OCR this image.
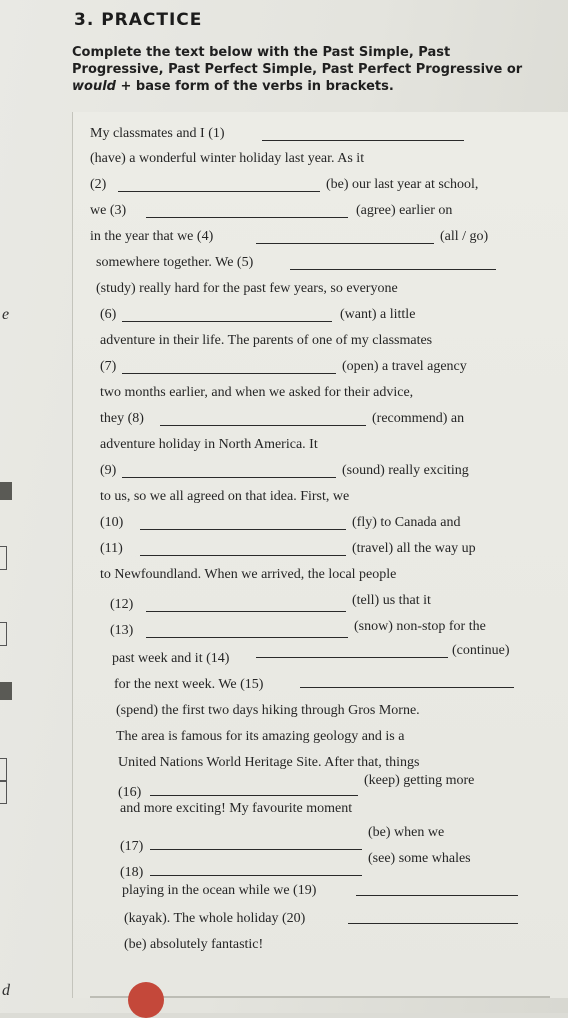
3. PRACTICE
Complete the text below with the Past Simple, Past Progressive, Past Perfect Simple, Past Perfect Progressive or would + base form of the verbs in brackets.
e
d
My classmates and I (1)
(have) a wonderful winter holiday last year. As it
(2)	(be) our last year at school,
we (3)	(agree) earlier on
in the year that we (4)	(all / go)
somewhere together. We (5)
(study) really hard for the past few years, so everyone
(6)	(want) a little
adventure in their life. The parents of one of my classmates
(7)	(open) a travel agency
two months earlier, and when we asked for their advice,
they (8)	(recommend) an
adventure holiday in North America. It
(9)	(sound) really exciting
to us, so we all agreed on that idea. First, we
(10)	(fly) to Canada and
(11)	(travel) all the way up
to Newfoundland. When we arrived, the local people
(12)	(tell) us that it
(13)	(snow) non-stop for the
past week and it (14)
(continue)
for the next week. We (15)
(spend) the first two days hiking through Gros Morne.
The area is famous for its amazing geology and is a
United Nations World Heritage Site. After that, things
(16)
(keep) getting more
and more exciting! My favourite moment
(17)
(be) when we
(18)
(see) some whales
playing in the ocean while we (19)
(kayak). The whole holiday (20)
(be) absolutely fantastic!
